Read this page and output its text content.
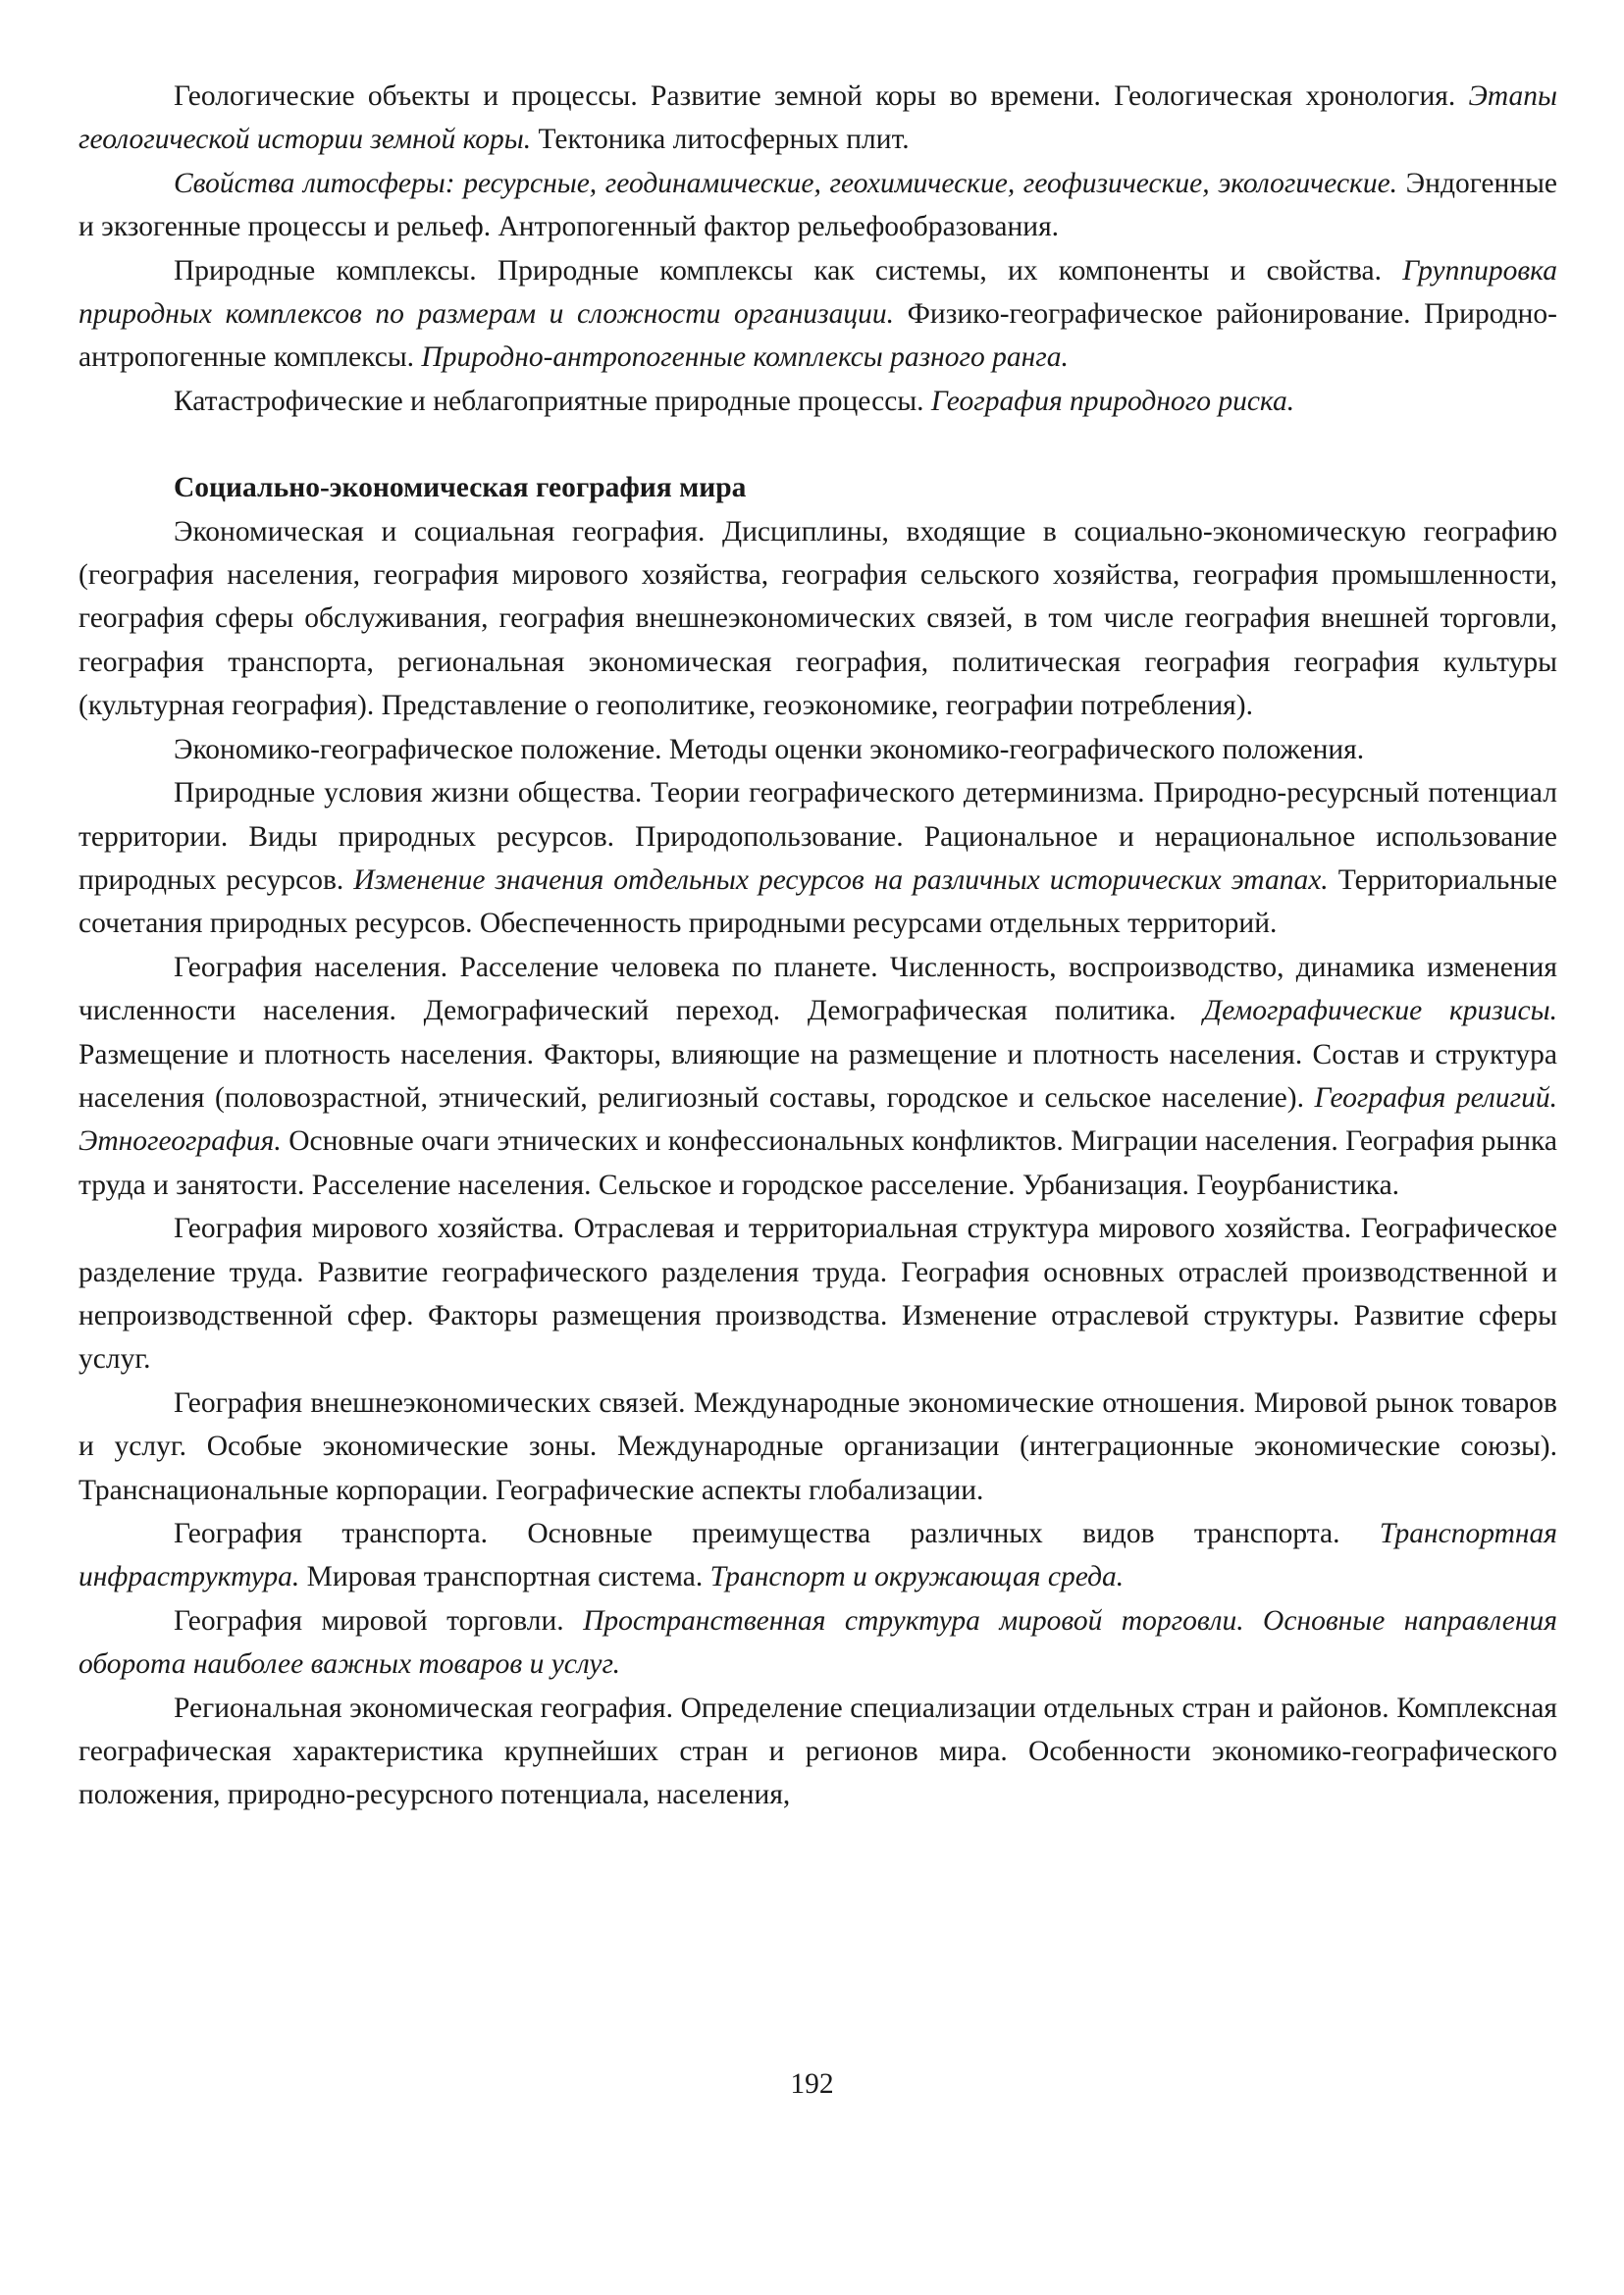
Геологические объекты и процессы. Развитие земной коры во времени. Геологическая хронология. Этапы геологической истории земной коры. Тектоника литосферных плит.

Свойства литосферы: ресурсные, геодинамические, геохимические, геофизические, экологические. Эндогенные и экзогенные процессы и рельеф. Антропогенный фактор рельефообразования.

Природные комплексы. Природные комплексы как системы, их компоненты и свойства. Группировка природных комплексов по размерам и сложности организации. Физико-географическое районирование. Природно-антропогенные комплексы. Природно-антропогенные комплексы разного ранга.

Катастрофические и неблагоприятные природные процессы. География природного риска.

Социально-экономическая география мира

Экономическая и социальная география. Дисциплины, входящие в социально-экономическую географию (география населения, география мирового хозяйства, география сельского хозяйства, география промышленности, география сферы обслуживания, география внешнеэкономических связей, в том числе география внешней торговли, география транспорта, региональная экономическая география, политическая география география культуры (культурная география). Представление о геополитике, геоэкономике, географии потребления).

Экономико-географическое положение. Методы оценки экономико-географического положения.

Природные условия жизни общества. Теории географического детерминизма. Природно-ресурсный потенциал территории. Виды природных ресурсов. Природопользование. Рациональное и нерациональное использование природных ресурсов. Изменение значения отдельных ресурсов на различных исторических этапах. Территориальные сочетания природных ресурсов. Обеспеченность природными ресурсами отдельных территорий.

География населения. Расселение человека по планете. Численность, воспроизводство, динамика изменения численности населения. Демографический переход. Демографическая политика. Демографические кризисы. Размещение и плотность населения. Факторы, влияющие на размещение и плотность населения. Состав и структура населения (половозрастной, этнический, религиозный составы, городское и сельское население). География религий. Этногеография. Основные очаги этнических и конфессиональных конфликтов. Миграции населения. География рынка труда и занятости. Расселение населения. Сельское и городское расселение. Урбанизация. Геоурбанистика.

География мирового хозяйства. Отраслевая и территориальная структура мирового хозяйства. Географическое разделение труда. Развитие географического разделения труда. География основных отраслей производственной и непроизводственной сфер. Факторы размещения производства. Изменение отраслевой структуры. Развитие сферы услуг.

География внешнеэкономических связей. Международные экономические отношения. Мировой рынок товаров и услуг. Особые экономические зоны. Международные организации (интеграционные экономические союзы). Транснациональные корпорации. Географические аспекты глобализации.

География транспорта. Основные преимущества различных видов транспорта. Транспортная инфраструктура. Мировая транспортная система. Транспорт и окружающая среда.

География мировой торговли. Пространственная структура мировой торговли. Основные направления оборота наиболее важных товаров и услуг.

Региональная экономическая география. Определение специализации отдельных стран и районов. Комплексная географическая характеристика крупнейших стран и регионов мира. Особенности экономико-географического положения, природно-ресурсного потенциала, населения,

192
